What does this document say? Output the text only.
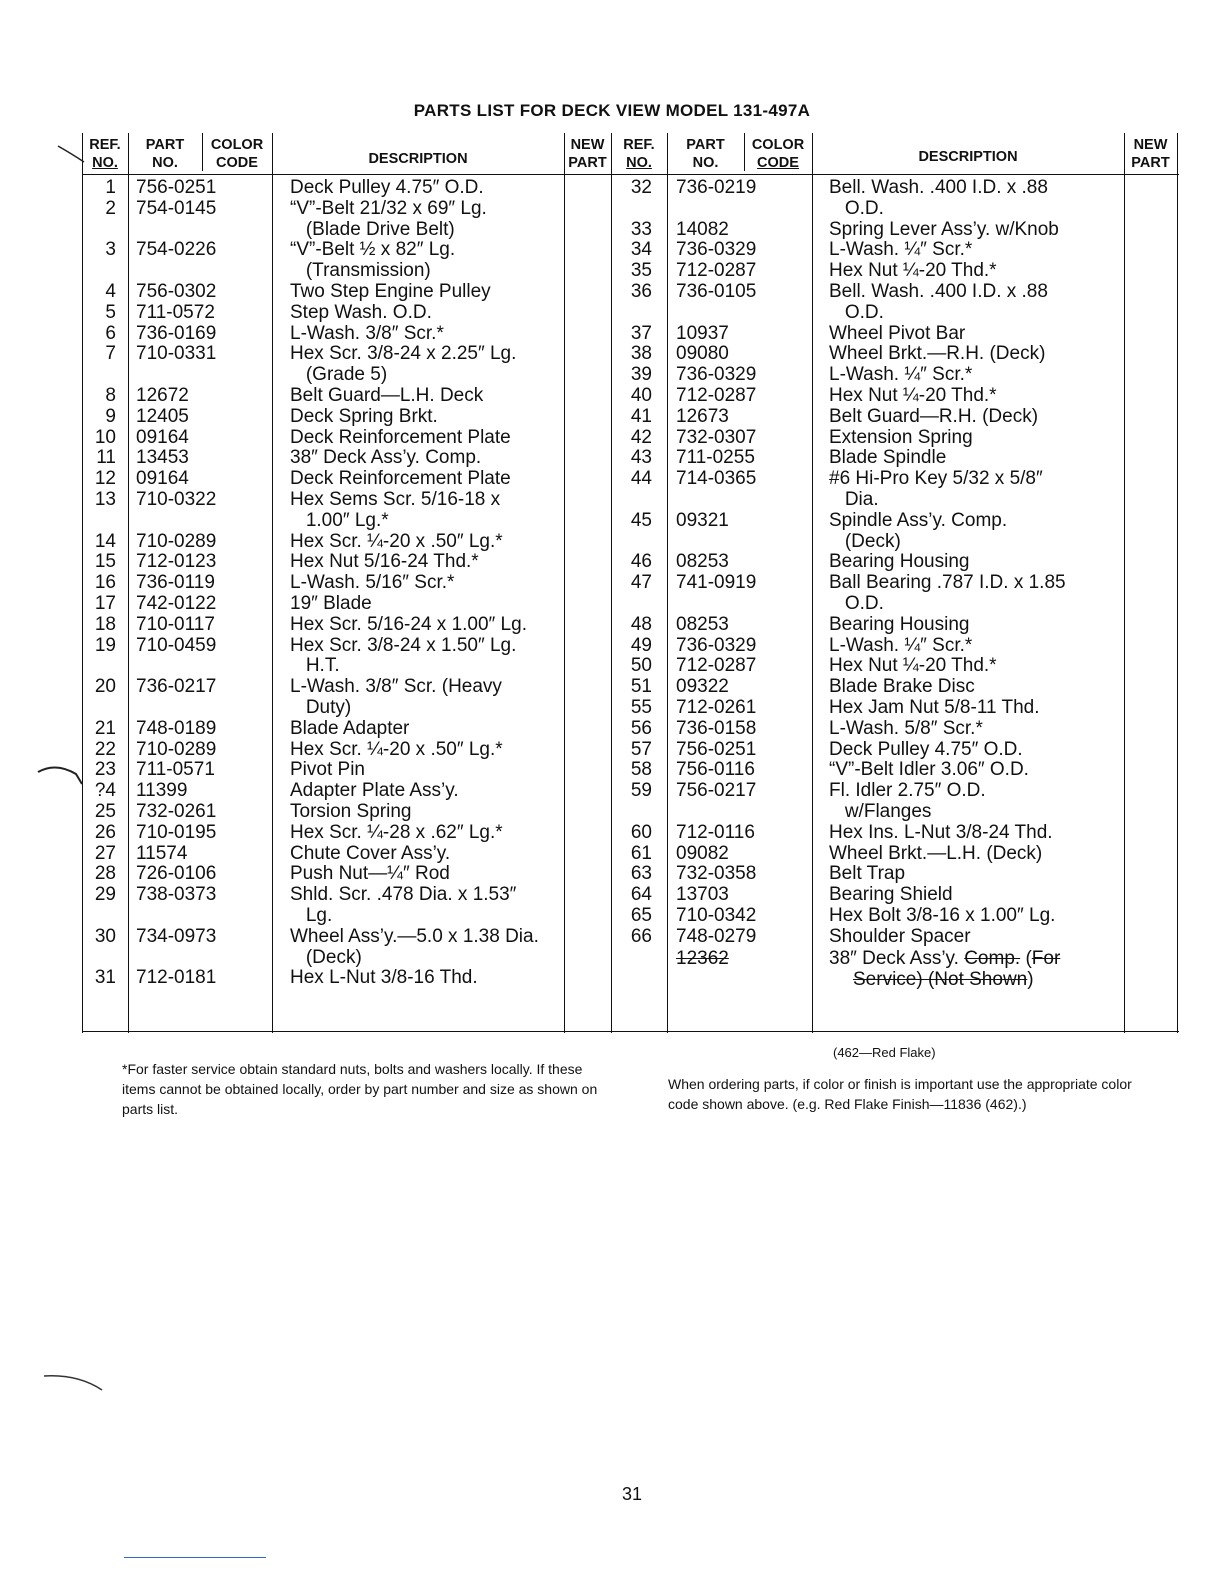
PARTS LIST FOR DECK VIEW MODEL 131-497A
REF.
NO.
PART
NO.
COLOR
CODE	DESCRIPTION
NEW
PART
REF.
NO.
PART
NO.
COLOR
CODE	DESCRIPTION
NEW
PART
1 756-0251	Deck Pulley 4.75″ O.D.
2 754-0145	“V”-Belt 21/32 x 69″ Lg.
(Blade Drive Belt)
3 754-0226	“V”-Belt ½ x 82″ Lg.
(Transmission)
4 756-0302	Two Step Engine Pulley
5 711-0572	Step Wash. O.D.
6 736-0169	L-Wash. 3/8″ Scr.*
7 710-0331	Hex Scr. 3/8-24 x 2.25″ Lg.
(Grade 5)
8 12672	Belt Guard—L.H. Deck
9 12405	Deck Spring Brkt.
10 09164	Deck Reinforcement Plate
11 13453	38″ Deck Ass’y. Comp.
12 09164	Deck Reinforcement Plate
13 710-0322	Hex Sems Scr. 5/16-18 x
1.00″ Lg.*
14 710-0289	Hex Scr. ¼-20 x .50″ Lg.*
15 712-0123	Hex Nut 5/16-24 Thd.*
16 736-0119	L-Wash. 5/16″ Scr.*
17 742-0122	19″ Blade
18 710-0117	Hex Scr. 5/16-24 x 1.00″ Lg.
19 710-0459	Hex Scr. 3/8-24 x 1.50″ Lg.
H.T.
20 736-0217	L-Wash. 3/8″ Scr. (Heavy
Duty)
21 748-0189	Blade Adapter
22 710-0289	Hex Scr. ¼-20 x .50″ Lg.*
23 711-0571	Pivot Pin
?4 11399	Adapter Plate Ass’y.
25 732-0261	Torsion Spring
26 710-0195	Hex Scr. ¼-28 x .62″ Lg.*
27 11574	Chute Cover Ass’y.
28 726-0106	Push Nut—¼″ Rod
29 738-0373	Shld. Scr. .478 Dia. x 1.53″
Lg.
30 734-0973	Wheel Ass’y.—5.0 x 1.38 Dia.
(Deck)
31 712-0181	Hex L-Nut 3/8-16 Thd.
32 736-0219	Bell. Wash. .400 I.D. x .88
O.D.
33 14082	Spring Lever Ass’y. w/Knob
34 736-0329	L-Wash. ¼″ Scr.*
35 712-0287	Hex Nut ¼-20 Thd.*
36 736-0105	Bell. Wash. .400 I.D. x .88
O.D.
37 10937	Wheel Pivot Bar
38 09080	Wheel Brkt.—R.H. (Deck)
39 736-0329	L-Wash. ¼″ Scr.*
40 712-0287	Hex Nut ¼-20 Thd.*
41 12673	Belt Guard—R.H. (Deck)
42 732-0307	Extension Spring
43 711-0255	Blade Spindle
44 714-0365	#6 Hi-Pro Key 5/32 x 5/8″
Dia.
45 09321	Spindle Ass’y. Comp.
(Deck)
46 08253	Bearing Housing
47 741-0919	Ball Bearing .787 I.D. x 1.85
O.D.
48 08253	Bearing Housing
49 736-0329	L-Wash. ¼″ Scr.*
50 712-0287	Hex Nut ¼-20 Thd.*
51 09322	Blade Brake Disc
55 712-0261	Hex Jam Nut 5/8-11 Thd.
56 736-0158	L-Wash. 5/8″ Scr.*
57 756-0251	Deck Pulley 4.75″ O.D.
58 756-0116	“V”-Belt Idler 3.06″ O.D.
59 756-0217	Fl. Idler 2.75″ O.D.
w/Flanges
60 712-0116	Hex Ins. L-Nut 3/8-24 Thd.
61 09082	Wheel Brkt.—L.H. (Deck)
63 732-0358	Belt Trap
64 13703	Bearing Shield
65 710-0342	Hex Bolt 3/8-16 x 1.00″ Lg.
66 748-0279	Shoulder Spacer
12362	38″ Deck Ass’y. Comp. (For
Service) (Not Shown)
*For faster service obtain standard nuts, bolts and washers locally. If these items cannot be obtained locally, order by part number and size as shown on parts list.
(462—Red Flake)
When ordering parts, if color or finish is important use the appropriate color code shown above. (e.g. Red Flake Finish—11836 (462).)
31
